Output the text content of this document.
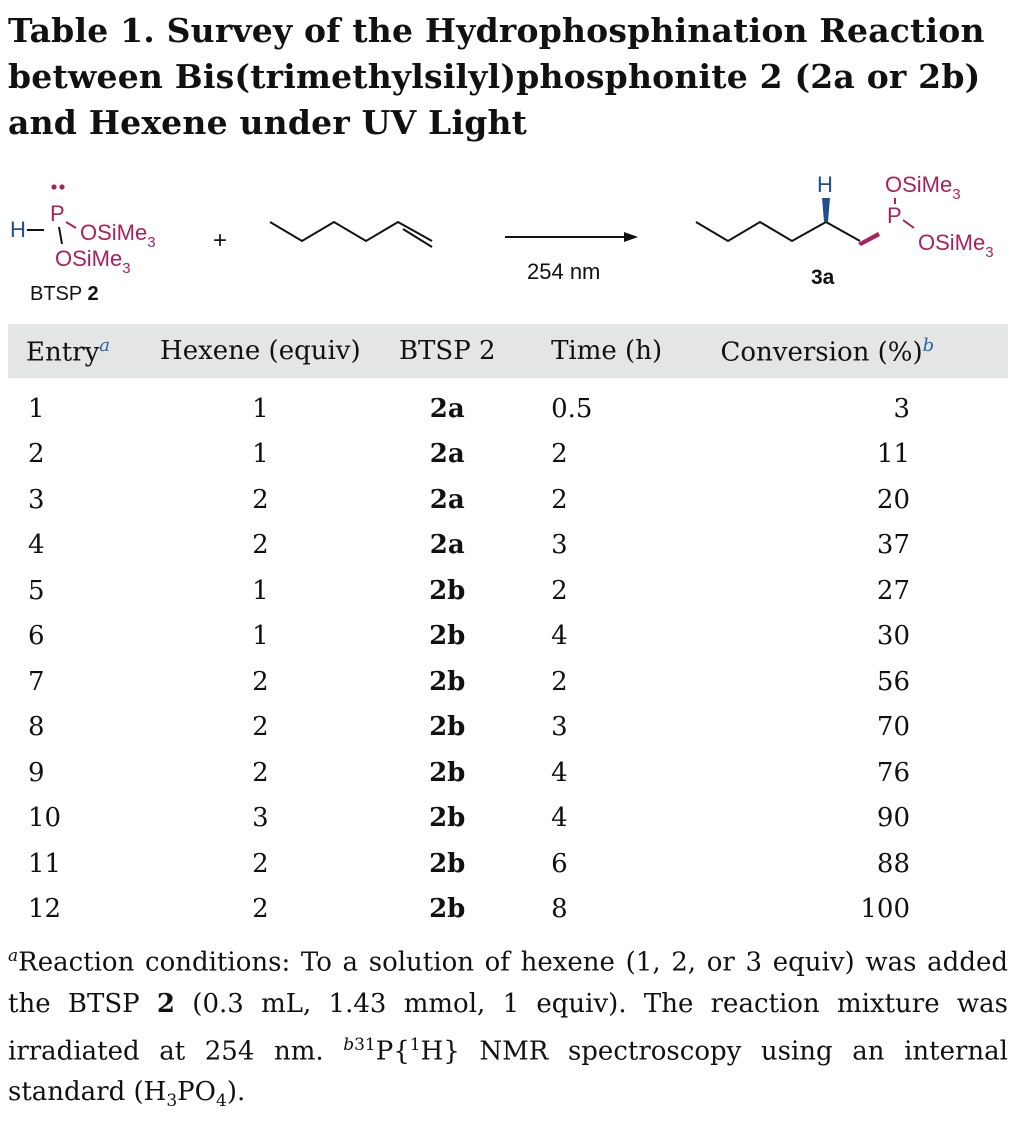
Table 1. Survey of the Hydrophosphination Reaction between Bis(trimethylsilyl)phosphonite 2 (2a or 2b) and Hexene under UV Light
H
P
OSiMe$_3$
OSiMe$_3$
BTSP 2
+
254 nm
H
P
OSiMe$_3$
OSiMe$_3$
3a
Entry$^a$	Hexene (equiv)	BTSP 2	Time (h)	Conversion (%)$^b$
1	1	2a	0.5	3
2	1	2a	2	11
3	2	2a	2	20
4	2	2a	3	37
5	1	2b	2	27
6	1	2b	4	30
7	2	2b	2	56
8	2	2b	3	70
9	2	2b	4	76
10	3	2b	4	90
11	2	2b	6	88
12	2	2b	8	100
$^a$Reaction conditions: To a solution of hexene (1, 2, or 3 equiv) was added the BTSP 2 (0.3 mL, 1.43 mmol, 1 equiv). The reaction mixture was irradiated at 254 nm. $^{b31}$P{$^1$H} NMR spectroscopy using an internal standard $(H_3PO_4)$.
